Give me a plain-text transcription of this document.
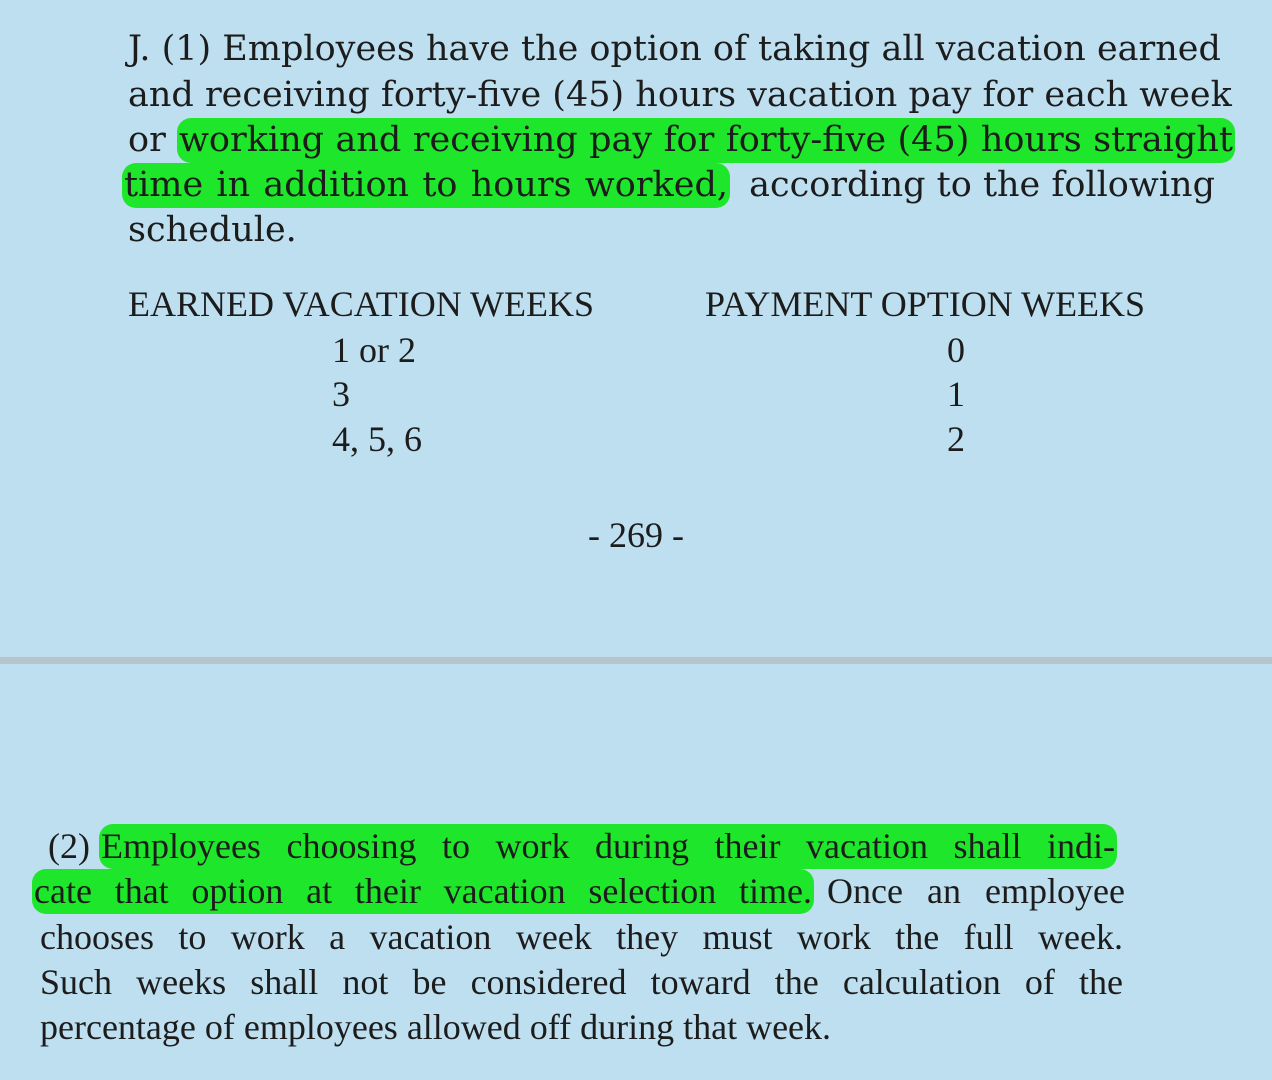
J. (1) Employees have the option of taking all vacation earned
and receiving forty-five (45) hours vacation pay for each week
or working and receiving pay for forty-five (45) hours straight
time in addition to hours worked, according to the following
schedule.
EARNED VACATION WEEKS	PAYMENT OPTION WEEKS
1 or 2	0
3	1
4, 5, 6	2
- 269 -
(2) Employees choosing to work during their vacation shall indi-
cate that option at their vacation selection time. Once an employee
chooses to work a vacation week they must work the full week.
Such weeks shall not be considered toward the calculation of the
percentage of employees allowed off during that week.
